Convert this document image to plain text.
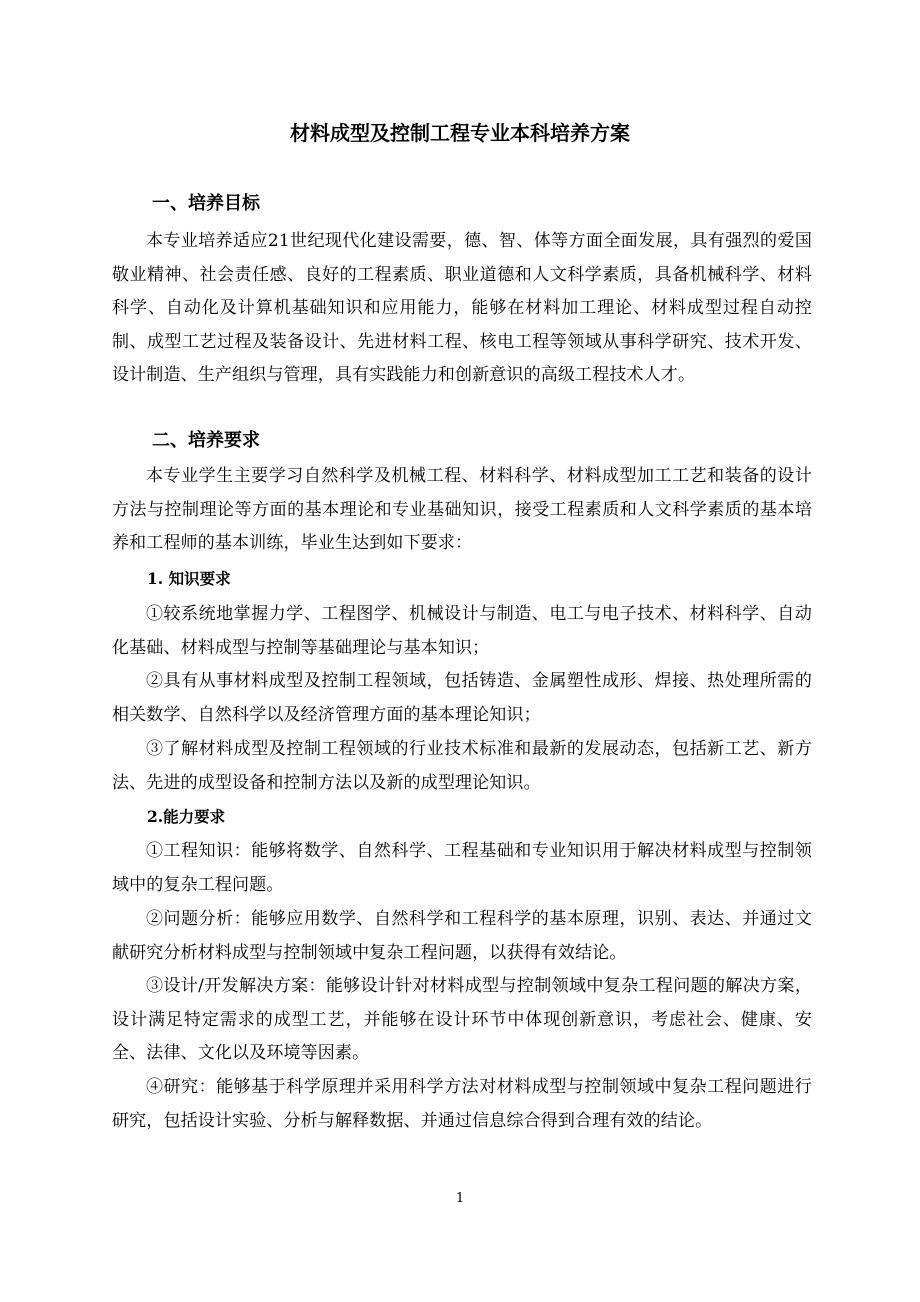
材料成型及控制工程专业本科培养方案
一、培养目标
本专业培养适应21世纪现代化建设需要，德、智、体等方面全面发展，具有强烈的爱国敬业精神、社会责任感、良好的工程素质、职业道德和人文科学素质，具备机械科学、材料科学、自动化及计算机基础知识和应用能力，能够在材料加工理论、材料成型过程自动控制、成型工艺过程及装备设计、先进材料工程、核电工程等领域从事科学研究、技术开发、设计制造、生产组织与管理，具有实践能力和创新意识的高级工程技术人才。
二、培养要求
本专业学生主要学习自然科学及机械工程、材料科学、材料成型加工工艺和装备的设计方法与控制理论等方面的基本理论和专业基础知识，接受工程素质和人文科学素质的基本培养和工程师的基本训练，毕业生达到如下要求：
1. 知识要求
①较系统地掌握力学、工程图学、机械设计与制造、电工与电子技术、材料科学、自动化基础、材料成型与控制等基础理论与基本知识；
②具有从事材料成型及控制工程领域，包括铸造、金属塑性成形、焊接、热处理所需的相关数学、自然科学以及经济管理方面的基本理论知识；
③了解材料成型及控制工程领域的行业技术标准和最新的发展动态，包括新工艺、新方法、先进的成型设备和控制方法以及新的成型理论知识。
2.能力要求
①工程知识：能够将数学、自然科学、工程基础和专业知识用于解决材料成型与控制领域中的复杂工程问题。
②问题分析：能够应用数学、自然科学和工程科学的基本原理，识别、表达、并通过文献研究分析材料成型与控制领域中复杂工程问题，以获得有效结论。
③设计/开发解决方案：能够设计针对材料成型与控制领域中复杂工程问题的解决方案，设计满足特定需求的成型工艺，并能够在设计环节中体现创新意识，考虑社会、健康、安全、法律、文化以及环境等因素。
④研究：能够基于科学原理并采用科学方法对材料成型与控制领域中复杂工程问题进行研究，包括设计实验、分析与解释数据、并通过信息综合得到合理有效的结论。
1
